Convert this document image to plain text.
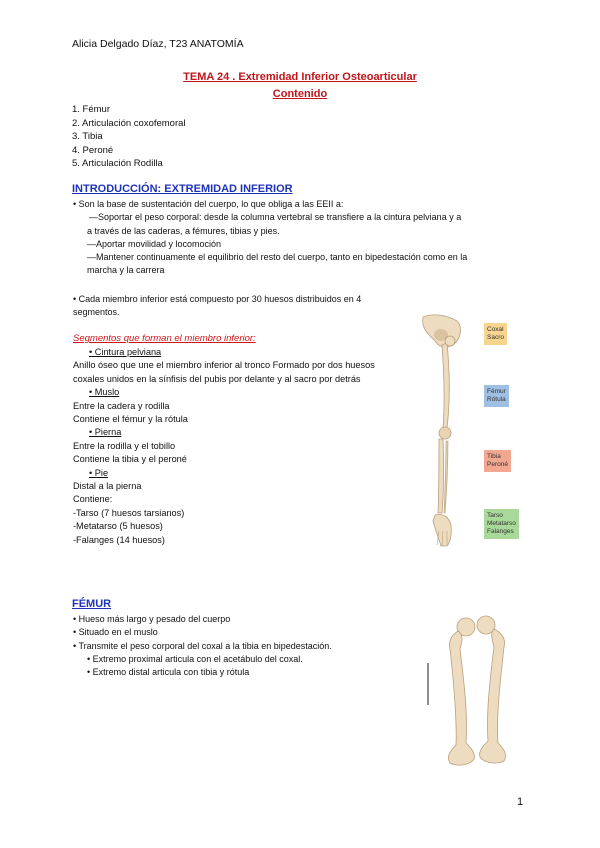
Alicia Delgado Díaz, T23 ANATOMÍA
TEMA 24 . Extremidad Inferior Osteoarticular
Contenido
1. Fémur
2. Articulación coxofemoral
3. Tibia
4. Peroné
5. Articulación Rodilla
INTRODUCCIÓN: EXTREMIDAD INFERIOR
• Son la base de sustentación del cuerpo, lo que obliga a las EEII a:
—Soportar el peso corporal: desde la columna vertebral se transfiere a la cintura pelviana y a
a través de las caderas, a fémures, tibias y pies.
—Aportar movilidad y locomoción
—Mantener continuamente el equilibrio del resto del cuerpo, tanto en bipedestación como en la
marcha y la carrera
• Cada miembro inferior está compuesto por 30 huesos distribuidos en 4
segmentos.
Segmentos que forman el miembro inferior:
• Cintura pelviana
Anillo óseo que une el miembro inferior al tronco Formado por dos huesos
coxales unidos en la sínfisis del pubis por delante y al sacro por detrás
• Muslo
Entre la cadera y rodilla
Contiene el fémur y la rótula
• Pierna
Entre la rodilla y el tobillo
Contiene la tibia y el peroné
• Pie
Distal a la pierna
Contiene:
-Tarso (7 huesos tarsianos)
-Metatarso (5 huesos)
-Falanges (14 huesos)
Coxal
Sacro
Fémur
Rótula
Tibia
Peroné
Tarso
Metatarso
Falanges
FÉMUR
• Hueso más largo y pesado del cuerpo
• Situado en el muslo
• Transmite el peso corporal del coxal a la tibia en bipedestación.
• Extremo proximal articula con el acetábulo del coxal.
• Extremo distal articula con tibia y rótula
1
